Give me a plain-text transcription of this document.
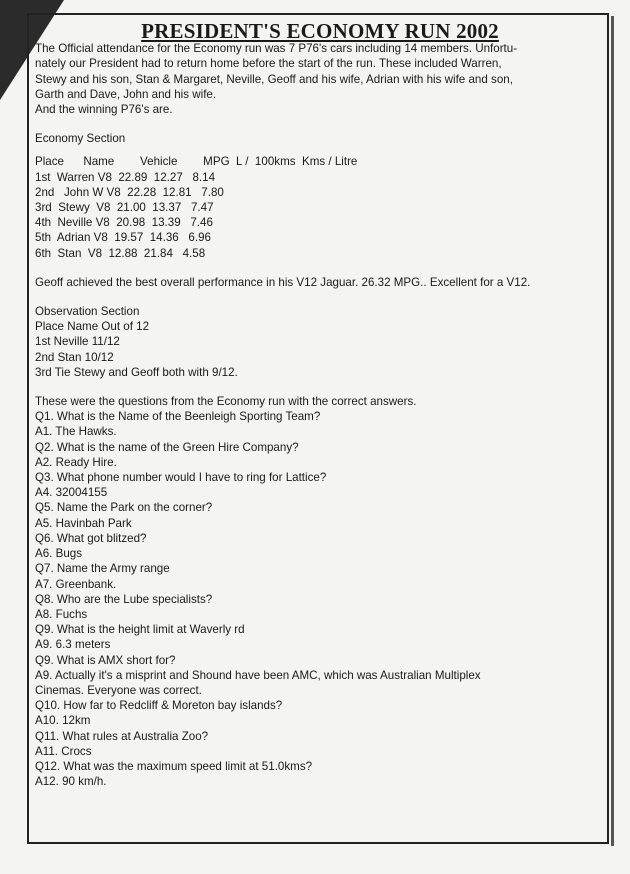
PRESIDENT'S ECONOMY RUN 2002

The Official attendance for the Economy run was 7 P76's cars including 14 members. Unfortu-

nately our President had to return home before the start of the run. These included Warren,

Stewy and his son, Stan & Margaret, Neville, Geoff and his wife, Adrian with his wife and son,

Garth and Dave, John and his wife.

And the winning P76's are.

Economy Section

Place      Name        Vehicle        MPG  L /  100kms  Kms / Litre

1st  Warren V8  22.89  12.27   8.14

2nd   John W V8  22.28  12.81   7.80

3rd  Stewy  V8  21.00  13.37   7.47

4th  Neville V8  20.98  13.39   7.46

5th  Adrian V8  19.57  14.36   6.96

6th  Stan  V8  12.88  21.84   4.58

Geoff achieved the best overall performance in his V12 Jaguar. 26.32 MPG.. Excellent for a V12.

Observation Section

Place Name Out of 12

1st Neville 11/12

2nd Stan 10/12

3rd Tie Stewy and Geoff both with 9/12.

These were the questions from the Economy run with the correct answers.

Q1. What is the Name of the Beenleigh Sporting Team?

A1. The Hawks.

Q2. What is the name of the Green Hire Company?

A2. Ready Hire.

Q3. What phone number would I have to ring for Lattice?

A4. 32004155

Q5. Name the Park on the corner?

A5. Havinbah Park

Q6. What got blitzed?

A6. Bugs

Q7. Name the Army range

A7. Greenbank.

Q8. Who are the Lube specialists?

A8. Fuchs

Q9. What is the height limit at Waverly rd

A9. 6.3 meters

Q9. What is AMX short for?

A9. Actually it's a misprint and Shound have been AMC, which was Australian Multiplex

Cinemas. Everyone was correct.

Q10. How far to Redcliff & Moreton bay islands?

A10. 12km

Q11. What rules at Australia Zoo?

A11. Crocs

Q12. What was the maximum speed limit at 51.0kms?

A12. 90 km/h.
